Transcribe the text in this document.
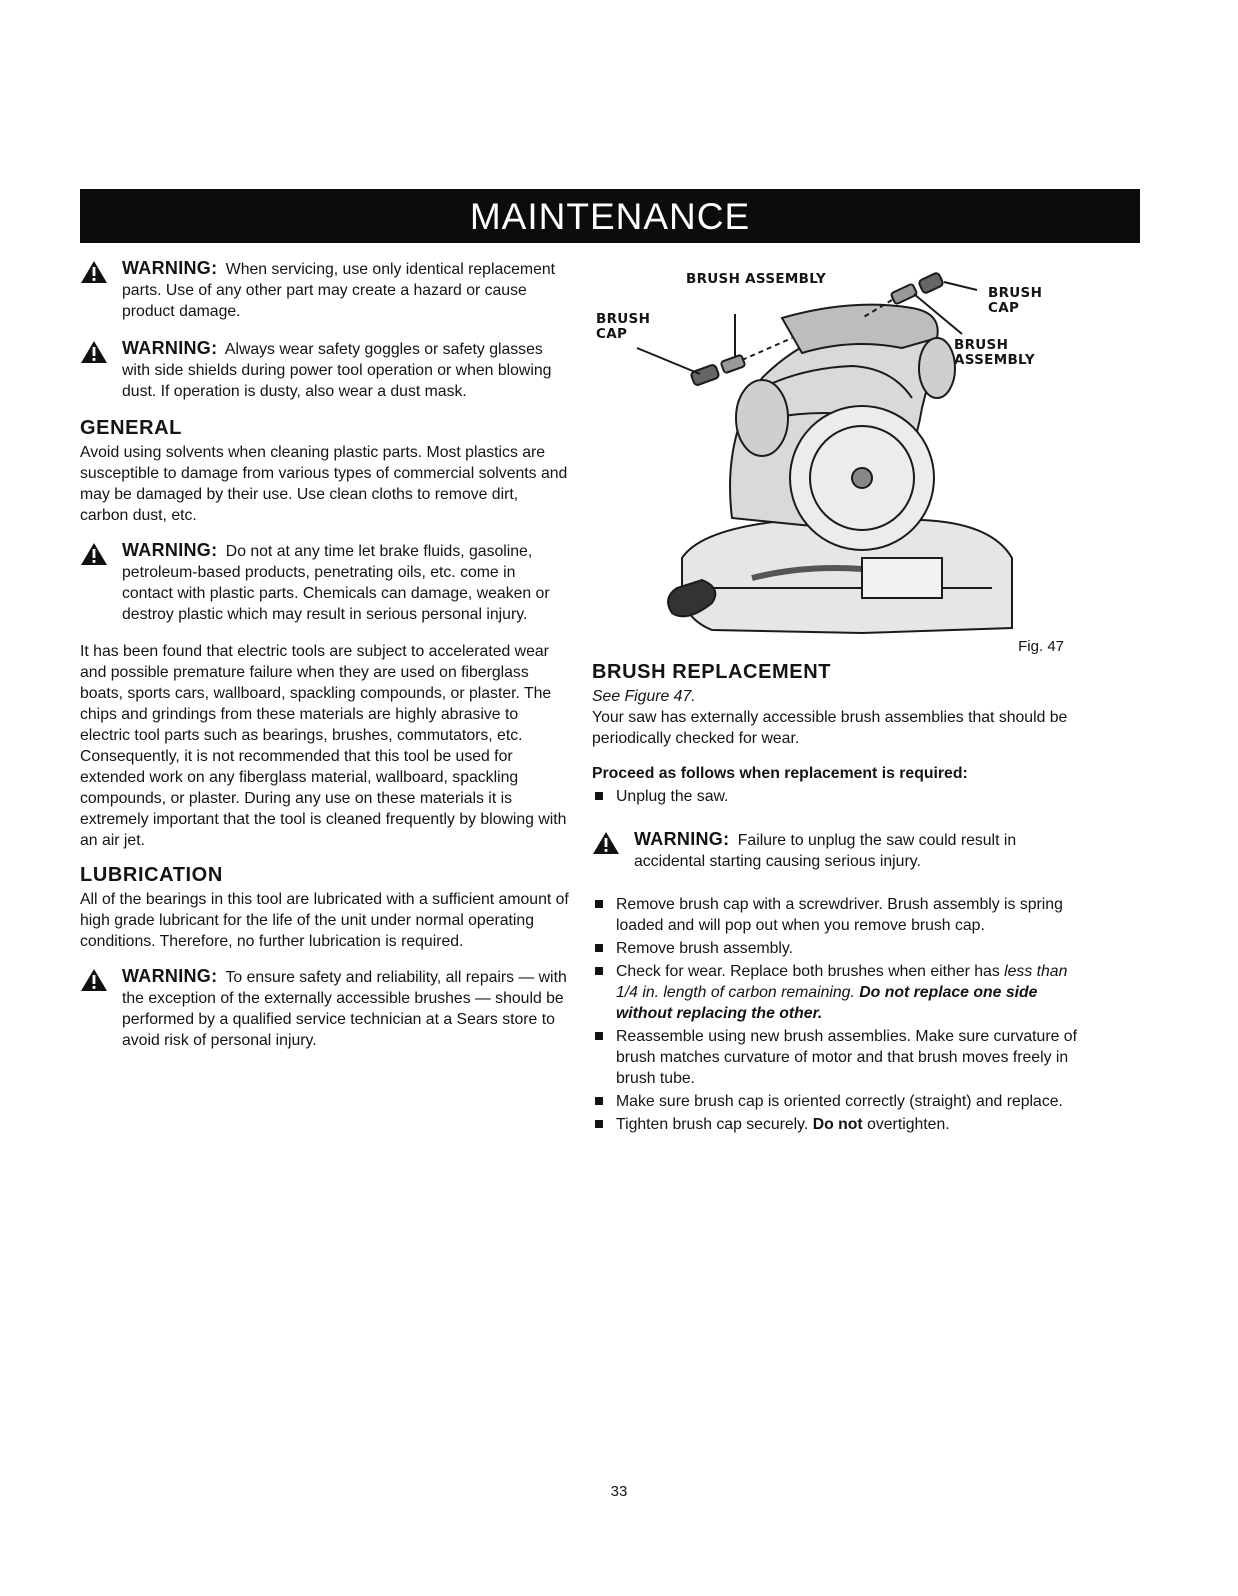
MAINTENANCE
WARNING: When servicing, use only identical replacement parts. Use of any other part may create a hazard or cause product damage.
WARNING: Always wear safety goggles or safety glasses with side shields during power tool operation or when blowing dust. If operation is dusty, also wear a dust mask.
GENERAL

Avoid using solvents when cleaning plastic parts. Most plastics are susceptible to damage from various types of commercial solvents and may be damaged by their use. Use clean cloths to remove dirt, carbon dust, etc.

WARNING: Do not at any time let brake fluids, gasoline, petroleum-based products, penetrating oils, etc. come in contact with plastic parts. Chemicals can damage, weaken or destroy plastic which may result in serious personal injury.

It has been found that electric tools are subject to accelerated wear and possible premature failure when they are used on fiberglass boats, sports cars, wallboard, spackling compounds, or plaster. The chips and grindings from these materials are highly abrasive to electric tool parts such as bearings, brushes, commutators, etc. Consequently, it is not recommended that this tool be used for extended work on any fiberglass material, wallboard, spackling compounds, or plaster. During any use on these materials it is extremely important that the tool is cleaned frequently by blowing with an air jet.

LUBRICATION

All of the bearings in this tool are lubricated with a sufficient amount of high grade lubricant for the life of the unit under normal operating conditions. Therefore, no further lubrication is required.

WARNING: To ensure safety and reliability, all repairs — with the exception of the externally accessible brushes — should be performed by a qualified service technician at a Sears store to avoid risk of personal injury.
BRUSH ASSEMBLY
BRUSH CAP
BRUSH CAP
BRUSH ASSEMBLY
Fig. 47
BRUSH REPLACEMENT
See Figure 47.

Your saw has externally accessible brush assemblies that should be periodically checked for wear.

Proceed as follows when replacement is required:
Unplug the saw.
WARNING: Failure to unplug the saw could result in accidental starting causing serious injury.
Remove brush cap with a screwdriver. Brush assembly is spring loaded and will pop out when you remove brush cap.
Remove brush assembly.
Check for wear. Replace both brushes when either has less than 1/4 in. length of carbon remaining. Do not replace one side without replacing the other.
Reassemble using new brush assemblies. Make sure curvature of brush matches curvature of motor and that brush moves freely in brush tube.
Make sure brush cap is oriented correctly (straight) and replace.
Tighten brush cap securely. Do not overtighten.
33
